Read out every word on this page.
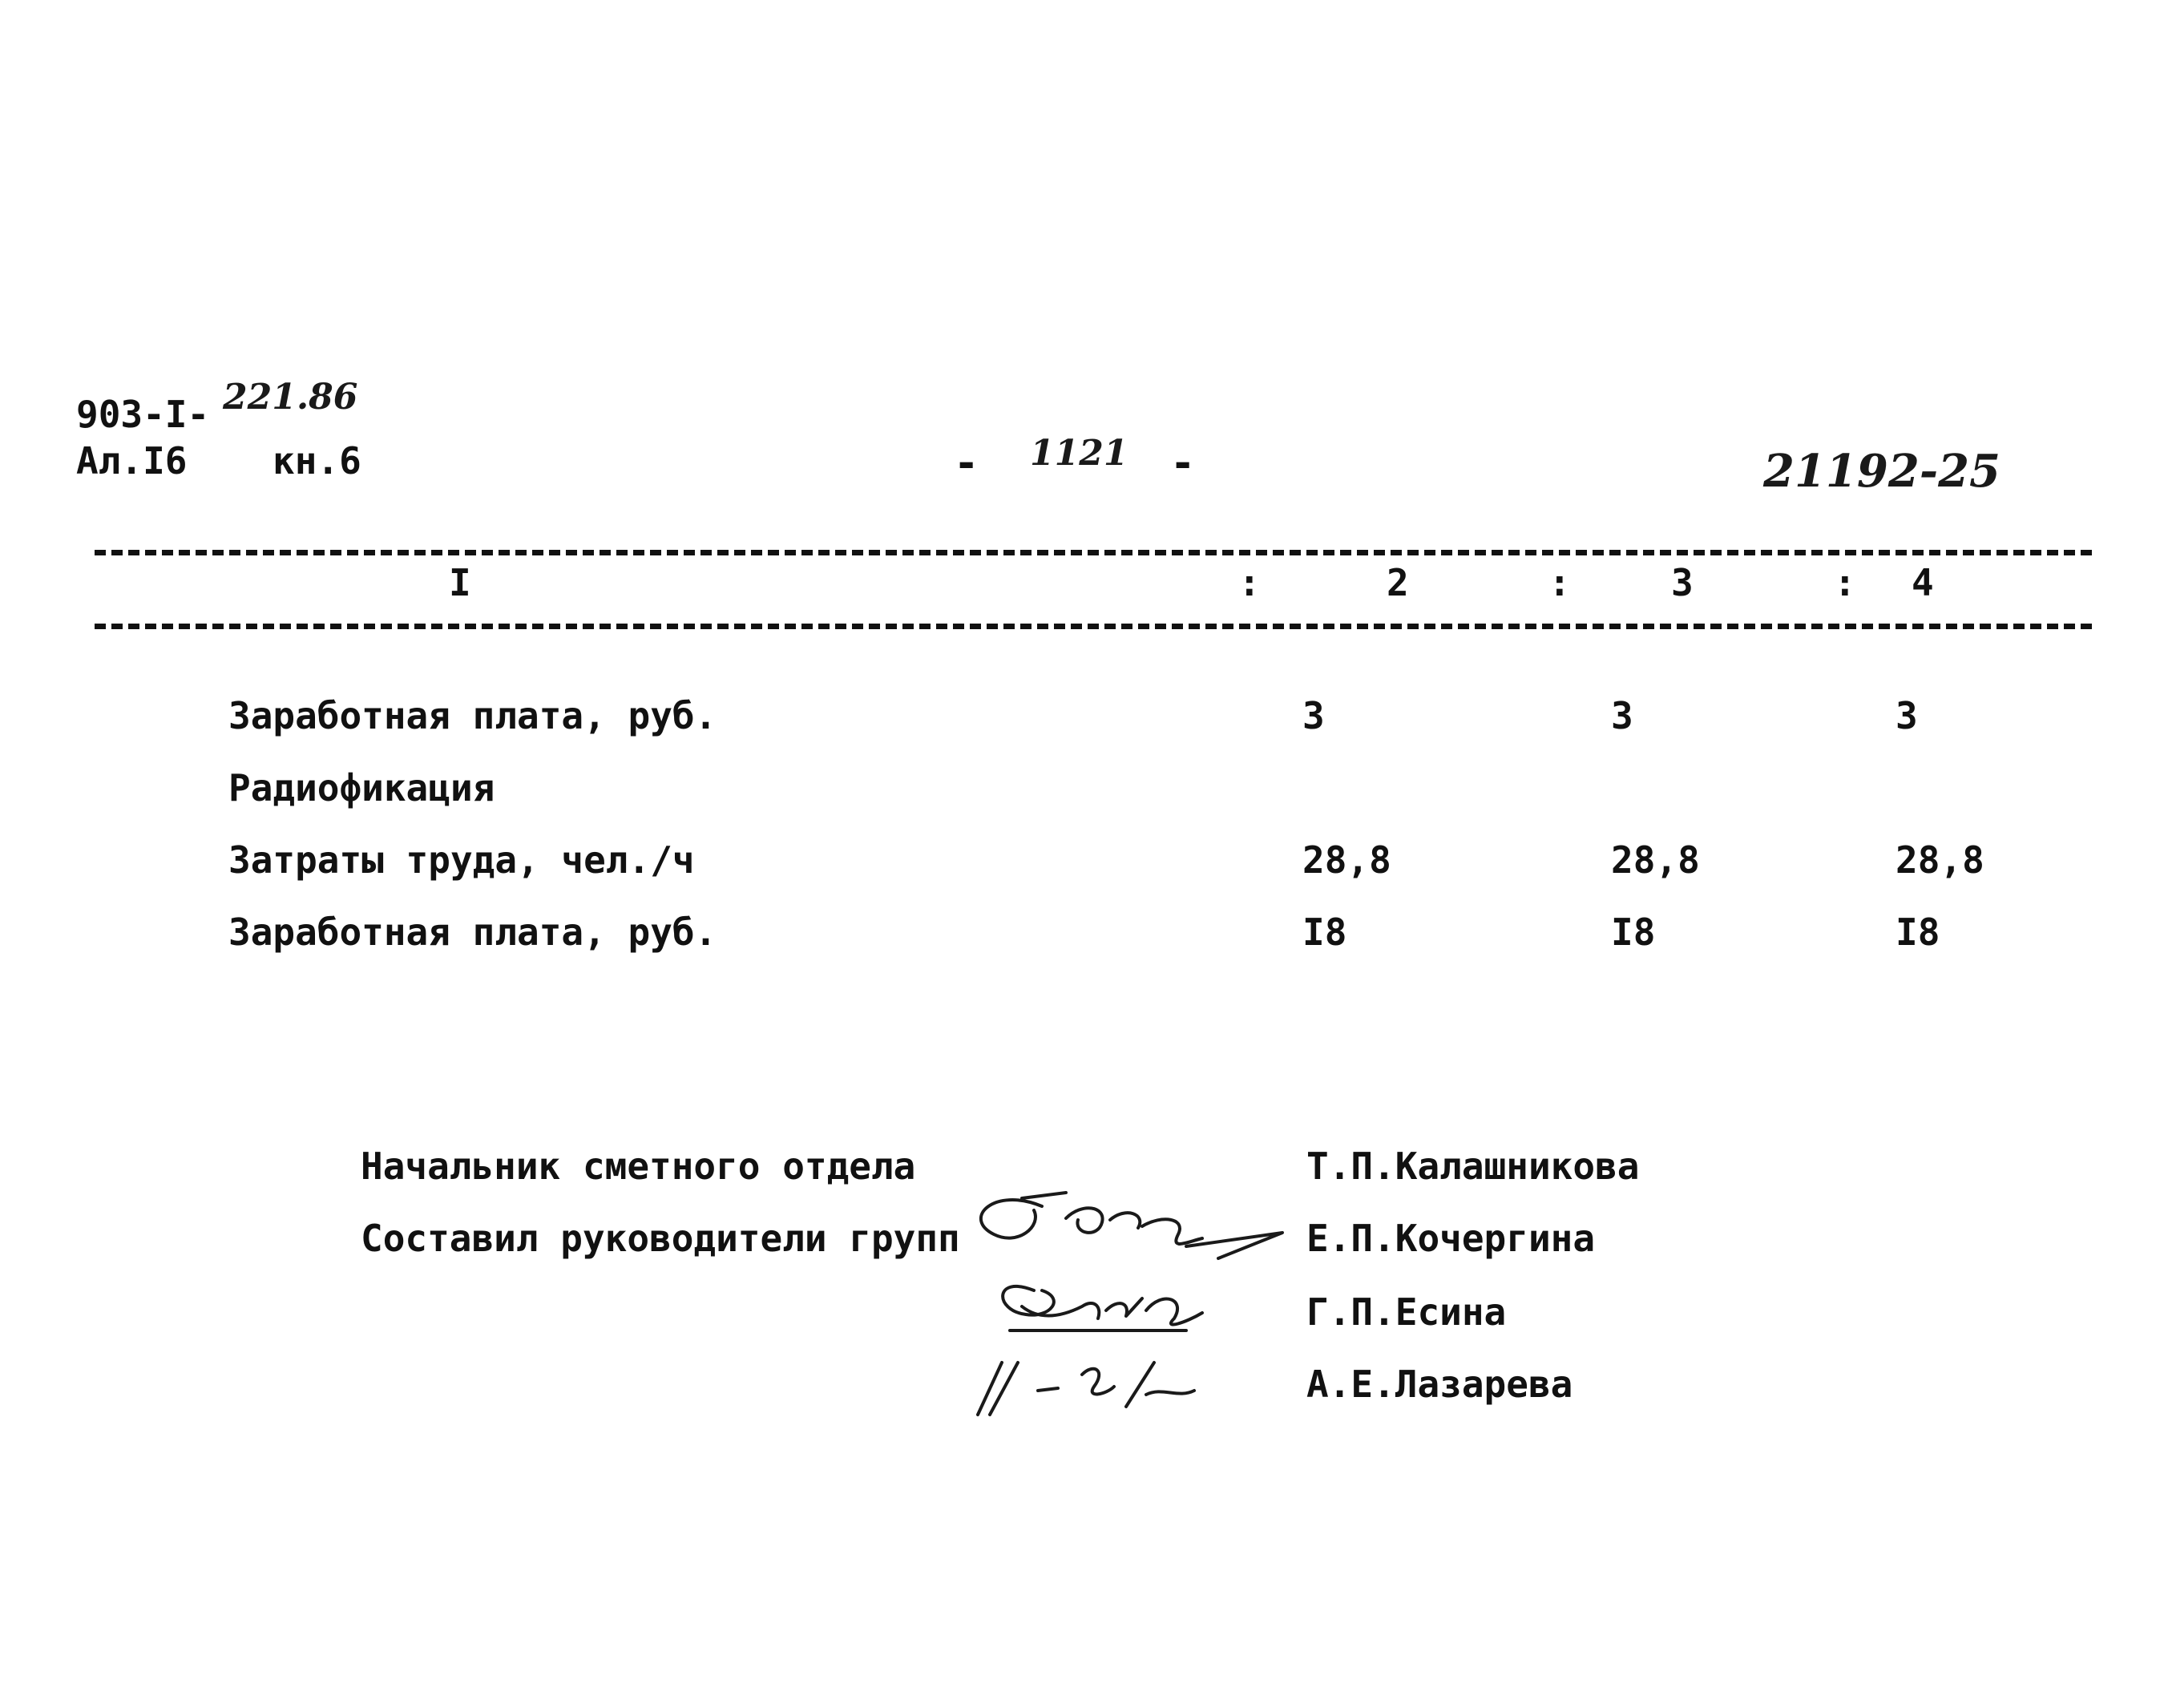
903-I- 221.86
Ал.I6 кн.6	- 1121 -	21192-25
I	:	2	:	3	: 4
Заработная плата, руб.	3	3	3
Радиофикация
Затраты труда, чел./ч	28,8	28,8	28,8
Заработная плата, руб.	I8	I8	I8
Начальник сметного отдела
Составил руководители групп
Т.П.Калашникова
Е.П.Кочергина
Г.П.Есина
А.Е.Лазарева
